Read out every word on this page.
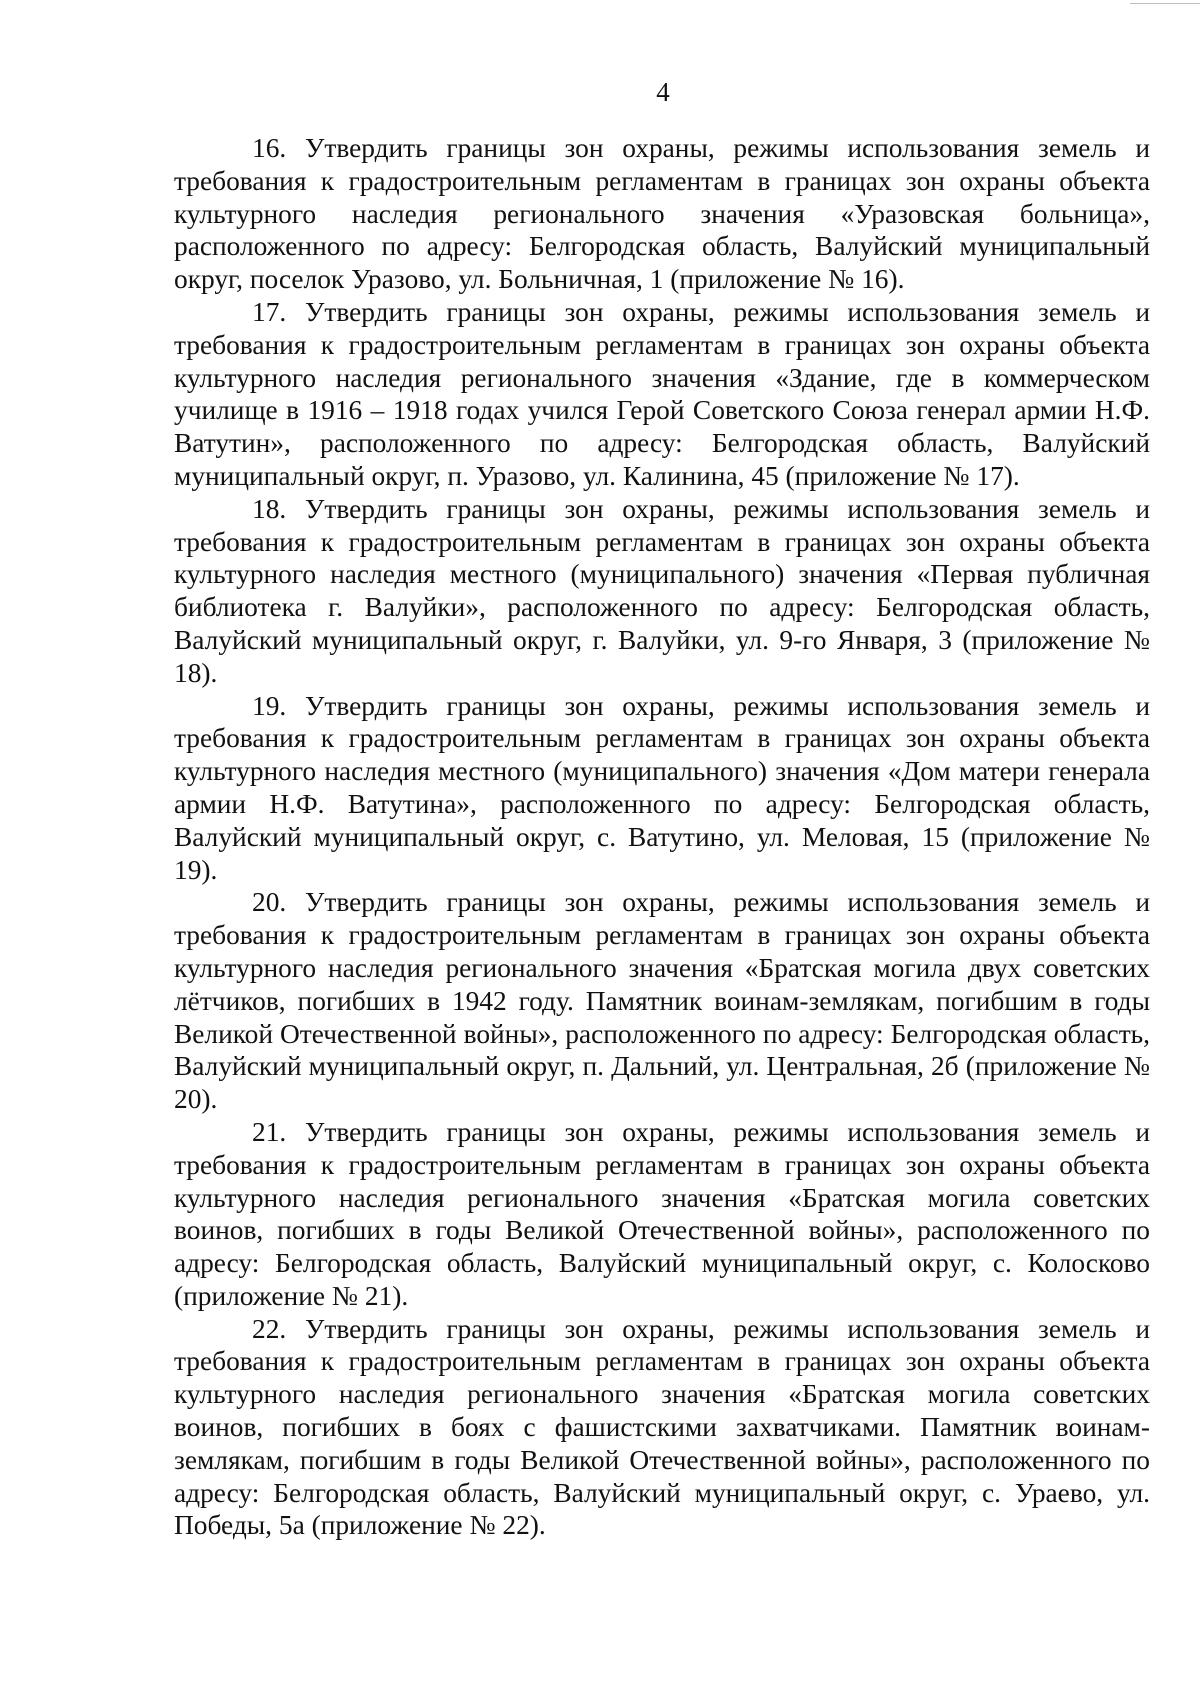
4

16. Утвердить границы зон охраны, режимы использования земель и требования к градостроительным регламентам в границах зон охраны объекта культурного наследия регионального значения «Уразовская больница», расположенного по адресу: Белгородская область, Валуйский муниципальный округ, поселок Уразово, ул. Больничная, 1 (приложение № 16).

17. Утвердить границы зон охраны, режимы использования земель и требования к градостроительным регламентам в границах зон охраны объекта культурного наследия регионального значения «Здание, где в коммерческом училище в 1916 – 1918 годах учился Герой Советского Союза генерал армии Н.Ф. Ватутин», расположенного по адресу: Белгородская область, Валуйский муниципальный округ, п. Уразово, ул. Калинина, 45 (приложение № 17).

18. Утвердить границы зон охраны, режимы использования земель и требования к градостроительным регламентам в границах зон охраны объекта культурного наследия местного (муниципального) значения «Первая публичная библиотека г. Валуйки», расположенного по адресу: Белгородская область, Валуйский муниципальный округ, г. Валуйки, ул. 9-го Января, 3 (приложение № 18).

19. Утвердить границы зон охраны, режимы использования земель и требования к градостроительным регламентам в границах зон охраны объекта культурного наследия местного (муниципального) значения «Дом матери генерала армии Н.Ф. Ватутина», расположенного по адресу: Белгородская область, Валуйский муниципальный округ, с. Ватутино, ул. Меловая, 15 (приложение № 19).

20. Утвердить границы зон охраны, режимы использования земель и требования к градостроительным регламентам в границах зон охраны объекта культурного наследия регионального значения «Братская могила двух советских лётчиков, погибших в 1942 году. Памятник воинам-землякам, погибшим в годы Великой Отечественной войны», расположенного по адресу: Белгородская область, Валуйский муниципальный округ, п. Дальний, ул. Центральная, 2б (приложение № 20).

21. Утвердить границы зон охраны, режимы использования земель и требования к градостроительным регламентам в границах зон охраны объекта культурного наследия регионального значения «Братская могила советских воинов, погибших в годы Великой Отечественной войны», расположенного по адресу: Белгородская область, Валуйский муниципальный округ, с. Колосково (приложение № 21).

22. Утвердить границы зон охраны, режимы использования земель и требования к градостроительным регламентам в границах зон охраны объекта культурного наследия регионального значения «Братская могила советских воинов, погибших в боях с фашистскими захватчиками. Памятник воинам-землякам, погибшим в годы Великой Отечественной войны», расположенного по адресу: Белгородская область, Валуйский муниципальный округ, с. Ураево, ул. Победы, 5а (приложение № 22).
